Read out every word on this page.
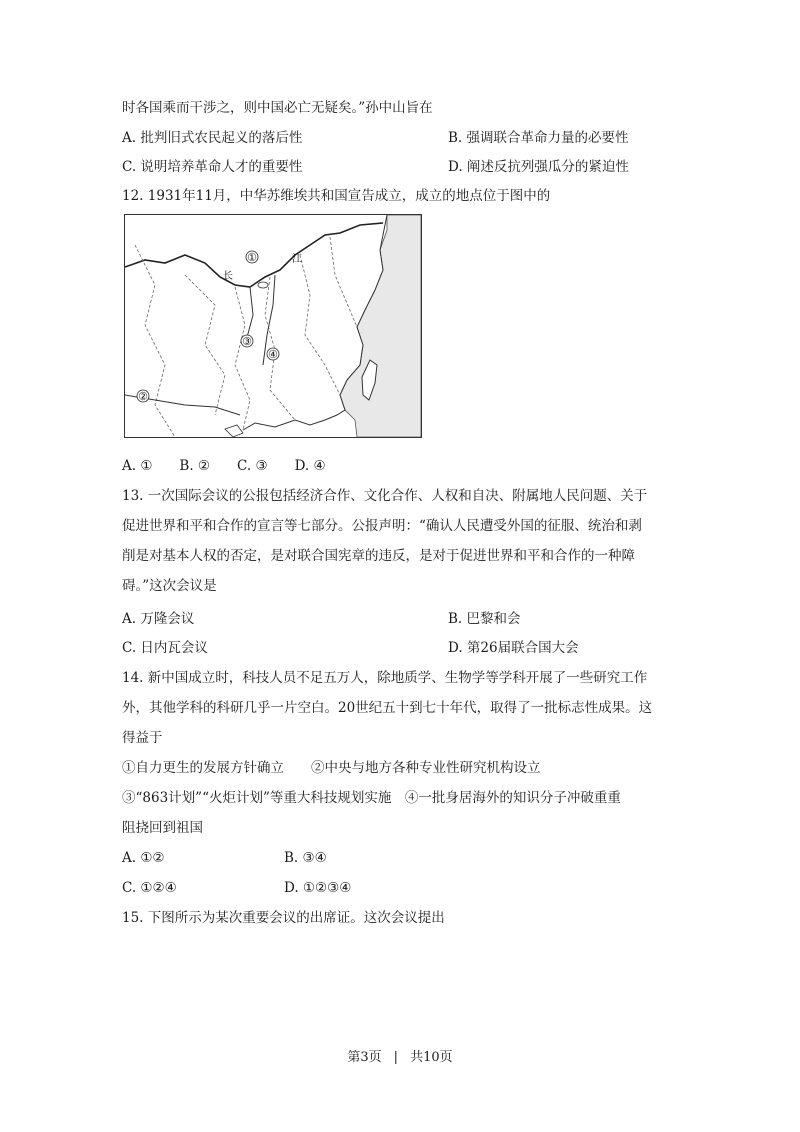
时各国乘而干涉之，则中国必亡无疑矣。”孙中山旨在
A. 批判旧式农民起义的落后性	B. 强调联合革命力量的必要性
C. 说明培养革命人才的重要性	D. 阐述反抗列强瓜分的紧迫性
12. 1931年11月，中华苏维埃共和国宣告成立，成立的地点位于图中的
①
长
江
③
④
②
A. ①　　B. ②　　C. ③　　D. ④
13. 一次国际会议的公报包括经济合作、文化合作、人权和自决、附属地人民问题、关于
促进世界和平和合作的宣言等七部分。公报声明：“确认人民遭受外国的征服、统治和剥
削是对基本人权的否定，是对联合国宪章的违反，是对于促进世界和平和合作的一种障
碍。”这次会议是
A. 万隆会议	B. 巴黎和会
C. 日内瓦会议	D. 第26届联合国大会
14. 新中国成立时，科技人员不足五万人，除地质学、生物学等学科开展了一些研究工作
外，其他学科的科研几乎一片空白。20世纪五十到七十年代，取得了一批标志性成果。这
得益于
①自力更生的发展方针确立　　②中央与地方各种专业性研究机构设立
③“863计划”“火炬计划”等重大科技规划实施　④一批身居海外的知识分子冲破重重
阻挠回到祖国
A. ①②	B. ③④
C. ①②④	D. ①②③④
15. 下图所示为某次重要会议的出席证。这次会议提出
第3页 | 共10页
